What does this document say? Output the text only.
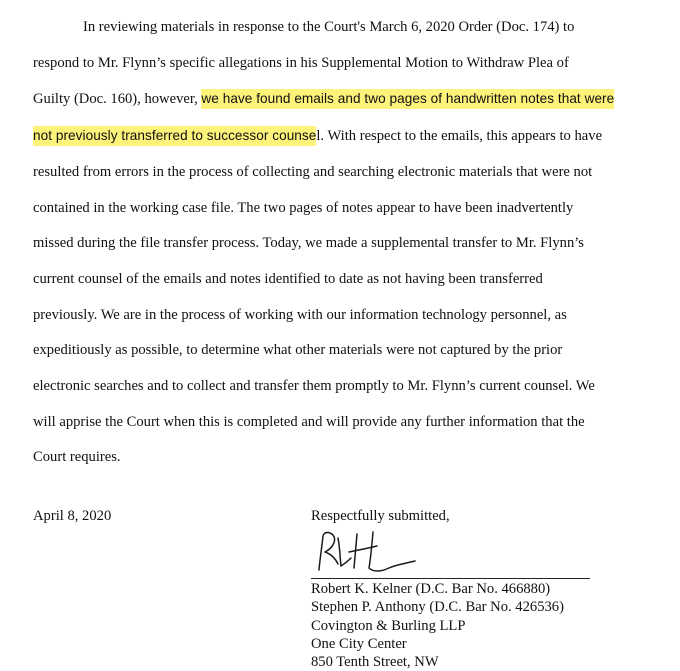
In reviewing materials in response to the Court's March 6, 2020 Order (Doc. 174) to
respond to Mr. Flynn’s specific allegations in his Supplemental Motion to Withdraw Plea of
Guilty (Doc. 160), however, we have found emails and two pages of handwritten notes that were
not previously transferred to successor counsel. With respect to the emails, this appears to have
resulted from errors in the process of collecting and searching electronic materials that were not
contained in the working case file. The two pages of notes appear to have been inadvertently
missed during the file transfer process. Today, we made a supplemental transfer to Mr. Flynn’s
current counsel of the emails and notes identified to date as not having been transferred
previously. We are in the process of working with our information technology personnel, as
expeditiously as possible, to determine what other materials were not captured by the prior
electronic searches and to collect and transfer them promptly to Mr. Flynn’s current counsel. We
will apprise the Court when this is completed and will provide any further information that the
Court requires.

April 8, 2020	Respectfully submitted,
Robert K. Kelner (D.C. Bar No. 466880)
Stephen P. Anthony (D.C. Bar No. 426536)
Covington & Burling LLP
One City Center
850 Tenth Street, NW
